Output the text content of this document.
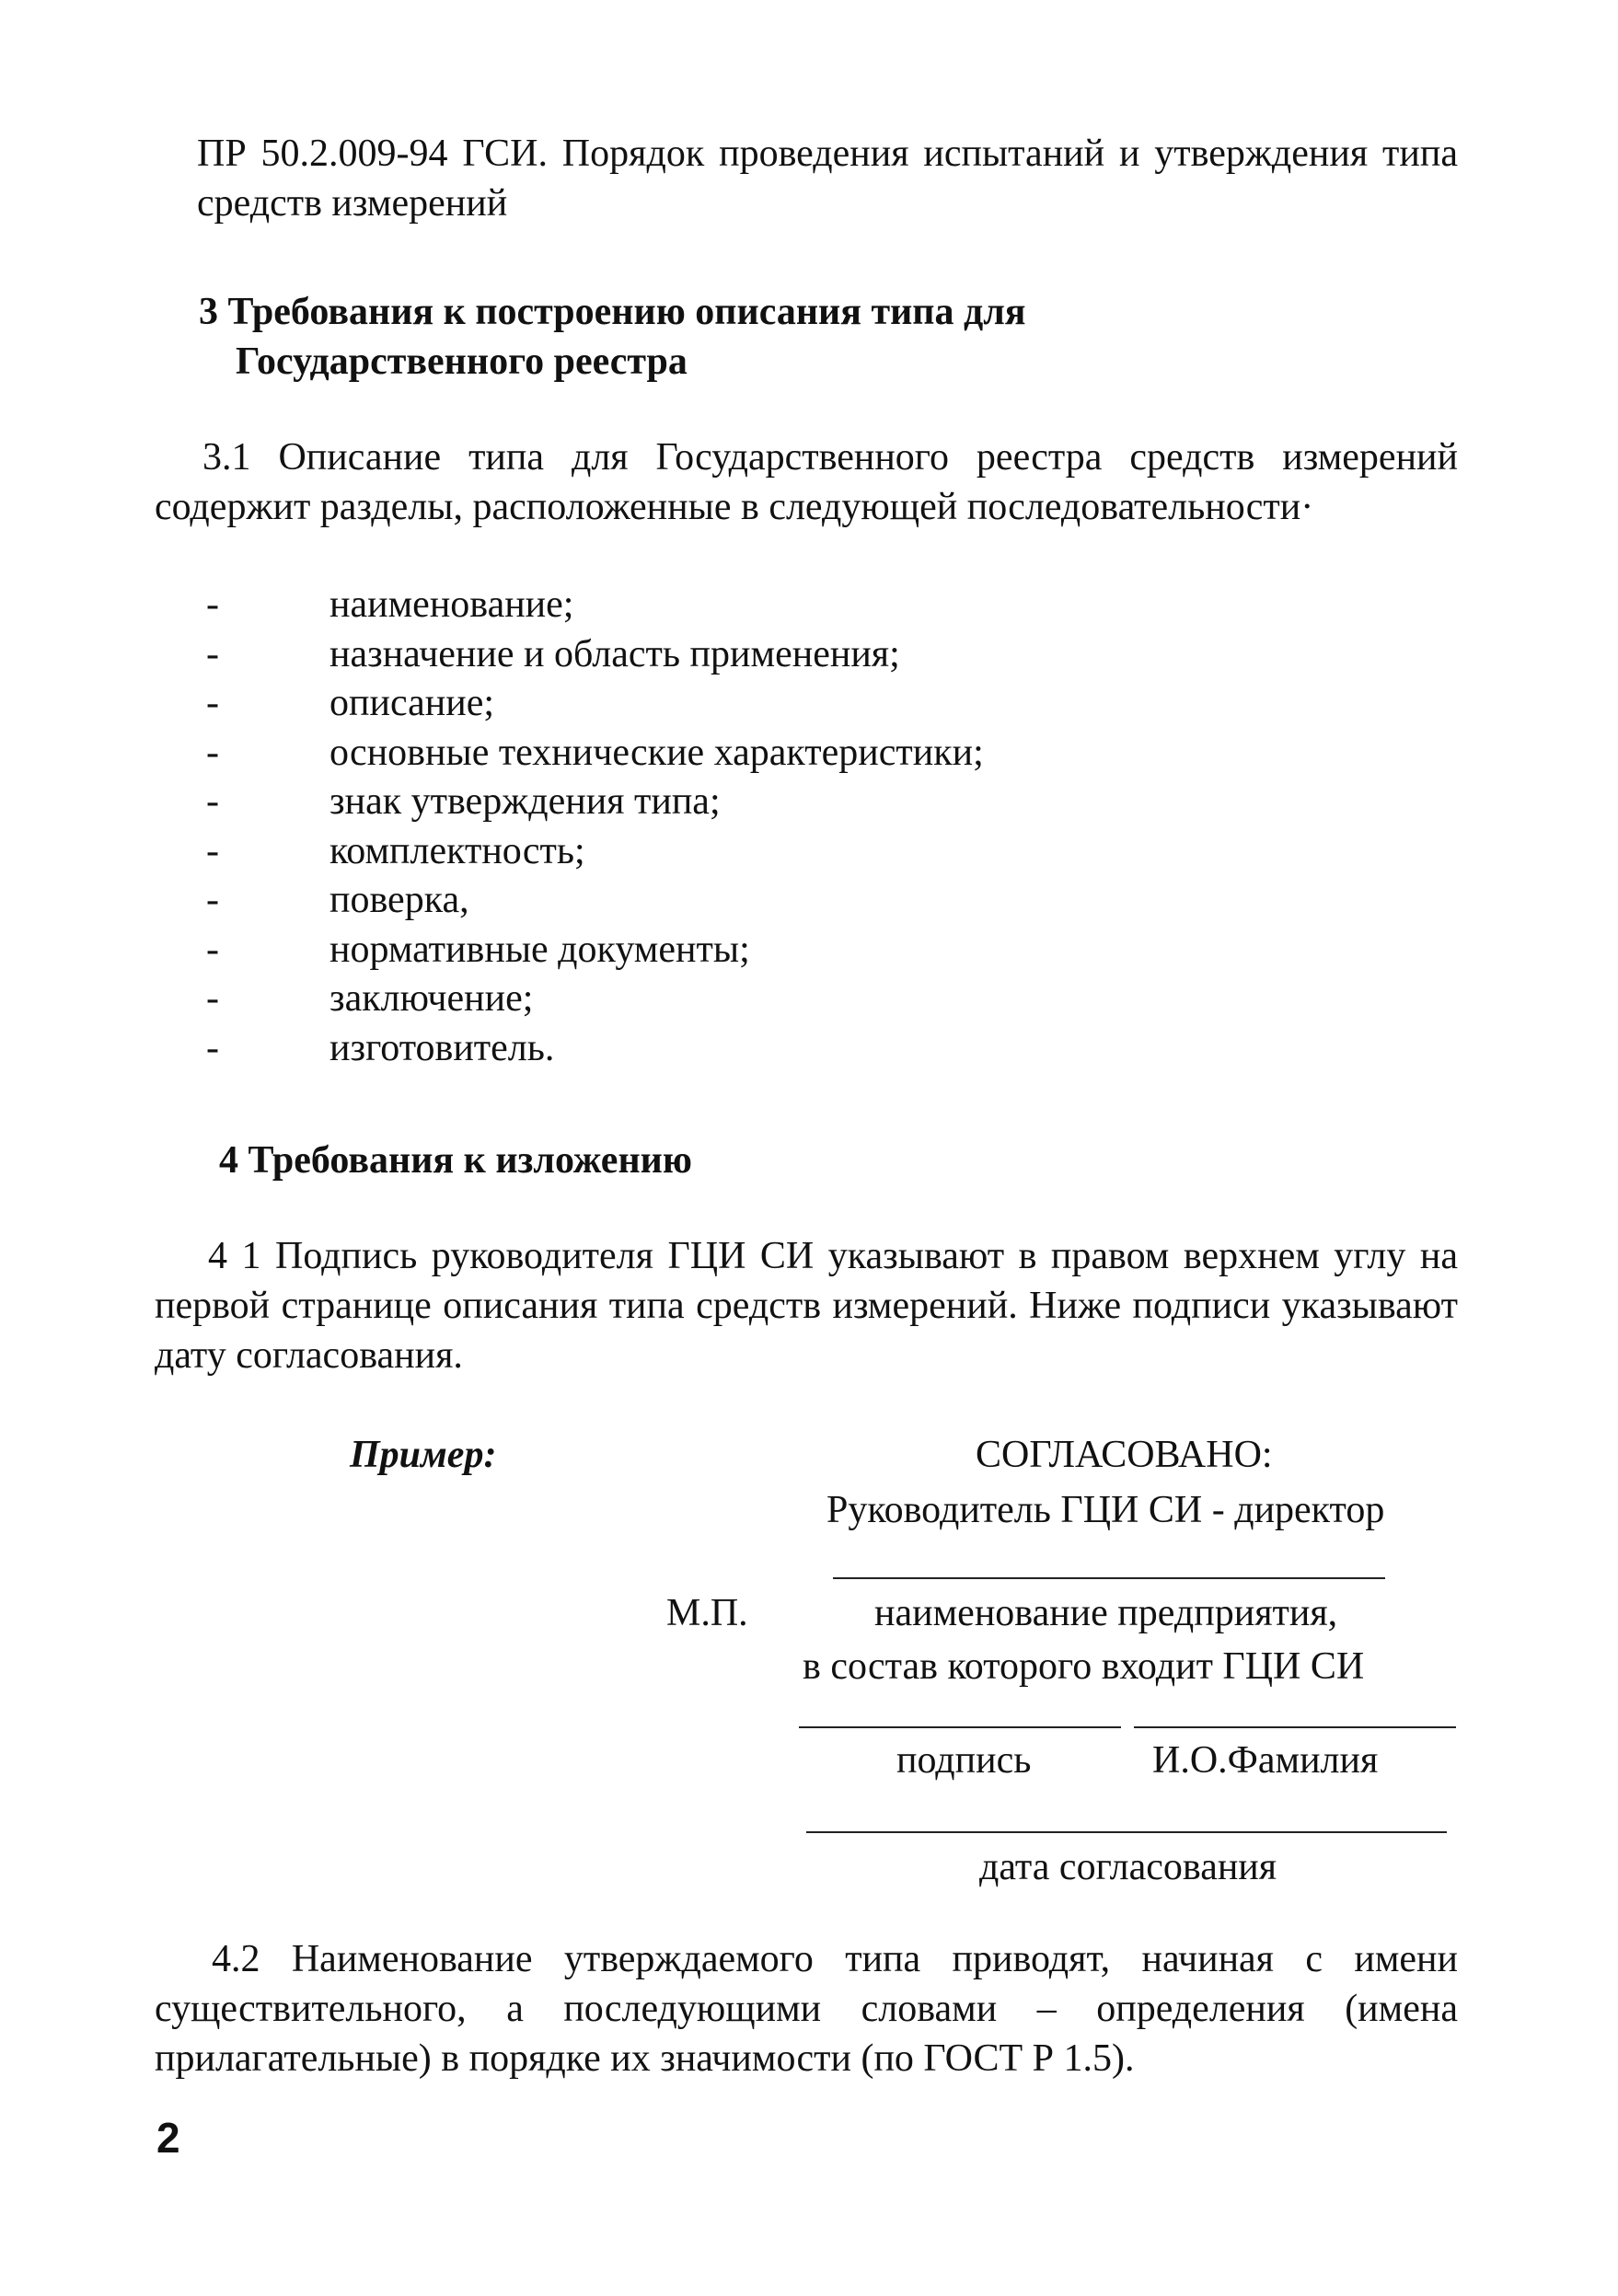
ПР 50.2.009-94 ГСИ. Порядок проведения испытаний и утверждения типа средств измерений

3 Требования к построению описания типа для
Государственного реестра

3.1 Описание типа для Государственного реестра средств измерений содержит разделы, расположенные в следующей последовательности·

-	наименование;
-	назначение и область применения;
-	описание;
-	основные технические характеристики;
-	знак утверждения типа;
-	комплектность;
-	поверка,
-	нормативные документы;
-	заключение;
-	изготовитель.
4 Требования к изложению

4 1 Подпись руководителя ГЦИ СИ указывают в правом верхнем углу на первой странице описания типа средств измерений. Ниже подписи указывают дату согласования.

Пример:	СОГЛАСОВАНО:
Руководитель ГЦИ СИ - директор
М.П.	наименование предприятия,
в состав которого входит ГЦИ СИ
подпись	И.О.Фамилия
дата согласования

4.2 Наименование утверждаемого типа приводят, начиная с имени существительного, а последующими словами – определения (имена прилагательные) в порядке их значимости (по ГОСТ Р 1.5).

2
